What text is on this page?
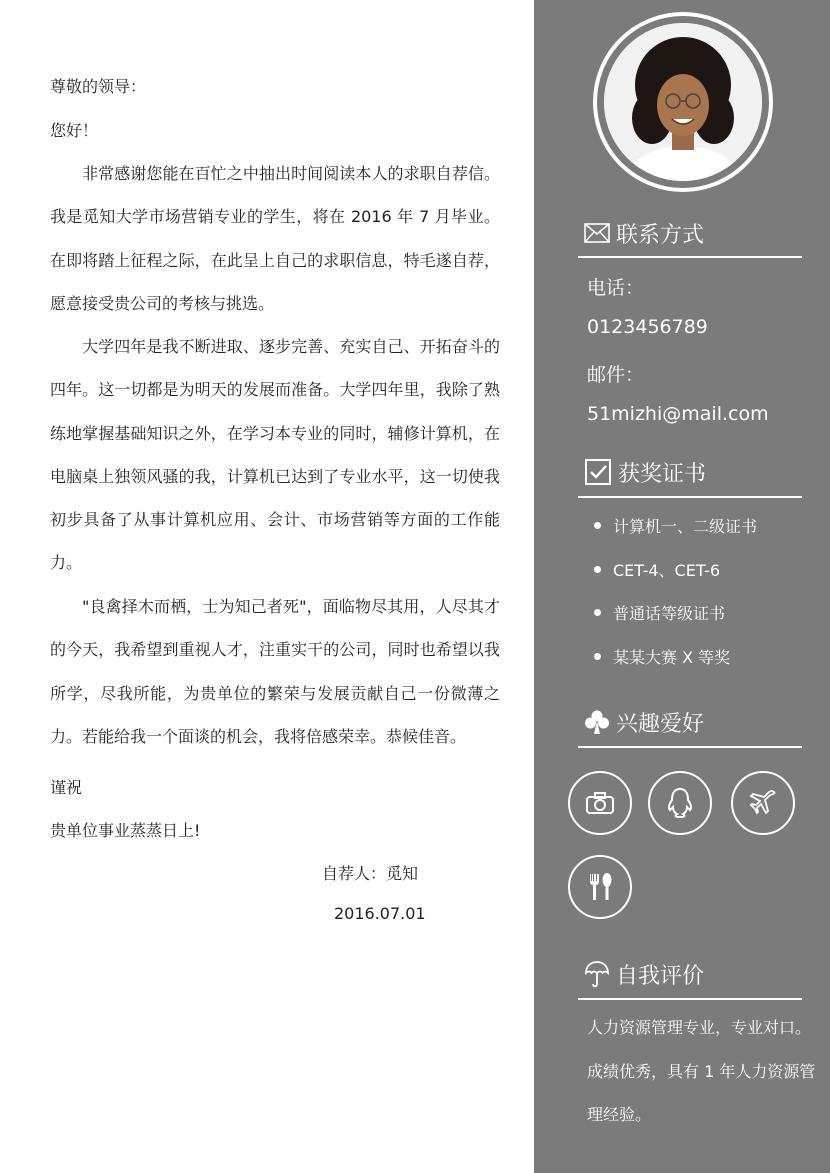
尊敬的领导：
您好！
非常感谢您能在百忙之中抽出时间阅读本人的求职自荐信。我是觅知大学市场营销专业的学生，将在 2016 年 7 月毕业。在即将踏上征程之际，在此呈上自己的求职信息，特毛遂自荐，愿意接受贵公司的考核与挑选。
大学四年是我不断进取、逐步完善、充实自己、开拓奋斗的四年。这一切都是为明天的发展而准备。大学四年里，我除了熟练地掌握基础知识之外，在学习本专业的同时，辅修计算机，在电脑桌上独领风骚的我，计算机已达到了专业水平，这一切使我初步具备了从事计算机应用、会计、市场营销等方面的工作能力。
"良禽择木而栖，士为知己者死"，面临物尽其用，人尽其才的今天，我希望到重视人才，注重实干的公司，同时也希望以我所学，尽我所能，为贵单位的繁荣与发展贡献自己一份微薄之力。若能给我一个面谈的机会，我将倍感荣幸。恭候佳音。
谨祝
贵单位事业蒸蒸日上!
自荐人：觅知
2016.07.01
联系方式
电话：
0123456789
邮件：
51mizhi@mail.com
获奖证书
计算机一、二级证书
CET-4、CET-6
普通话等级证书
某某大赛 X 等奖
兴趣爱好
自我评价
人力资源管理专业，专业对口。成绩优秀，具有 1 年人力资源管理经验。
